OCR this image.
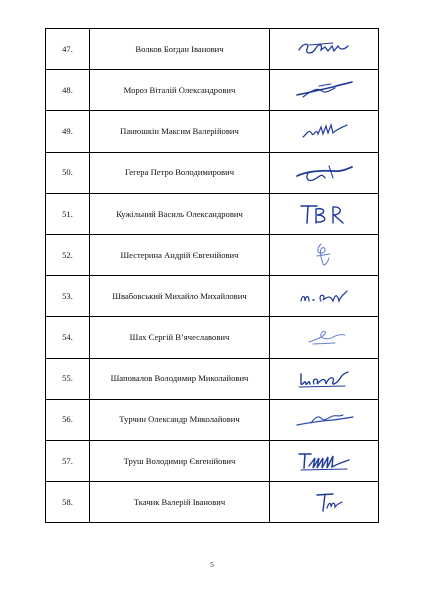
47.	Волков Богдан Іванович	

48.	Мороз Віталій Олександрович	

49.	Панюшкін Максим Валерійович	

50.	Гегера Петро Володимирович	

51.	Кужільний Василь Олександрович	

52.	Шестерина Андрій Євгенійович	

53.	Швабовський Михайло Михайлович	

54.	Шах Сергій В’ячеславович	

55.	Шаповалов Володимир Миколайович	

56.	Турчин Олександр Миколайович	

57.	Труш Володимир Євгенійович	

58.	Ткачик Валерій Іванович	
5
